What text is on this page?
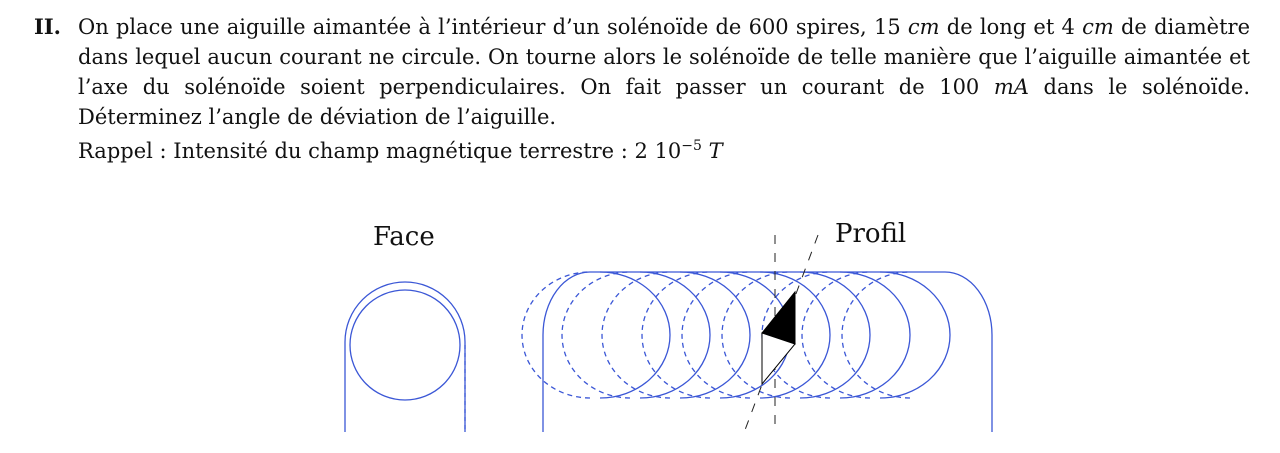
II. On place une aiguille aimantée à l’intérieur d’un solénoïde de 600 spires, 15 cm de long et 4 cm de diamètre dans lequel aucun courant ne circule. On tourne alors le solénoïde de telle manière que l’aiguille aimantée et l’axe du solénoïde soient perpendiculaires. On fait passer un courant de 100 mA dans le solénoïde. Déterminez l’angle de déviation de l’aiguille.
Rappel : Intensité du champ magnétique terrestre : 2 $10^{-5}$ T
Face	Profil
